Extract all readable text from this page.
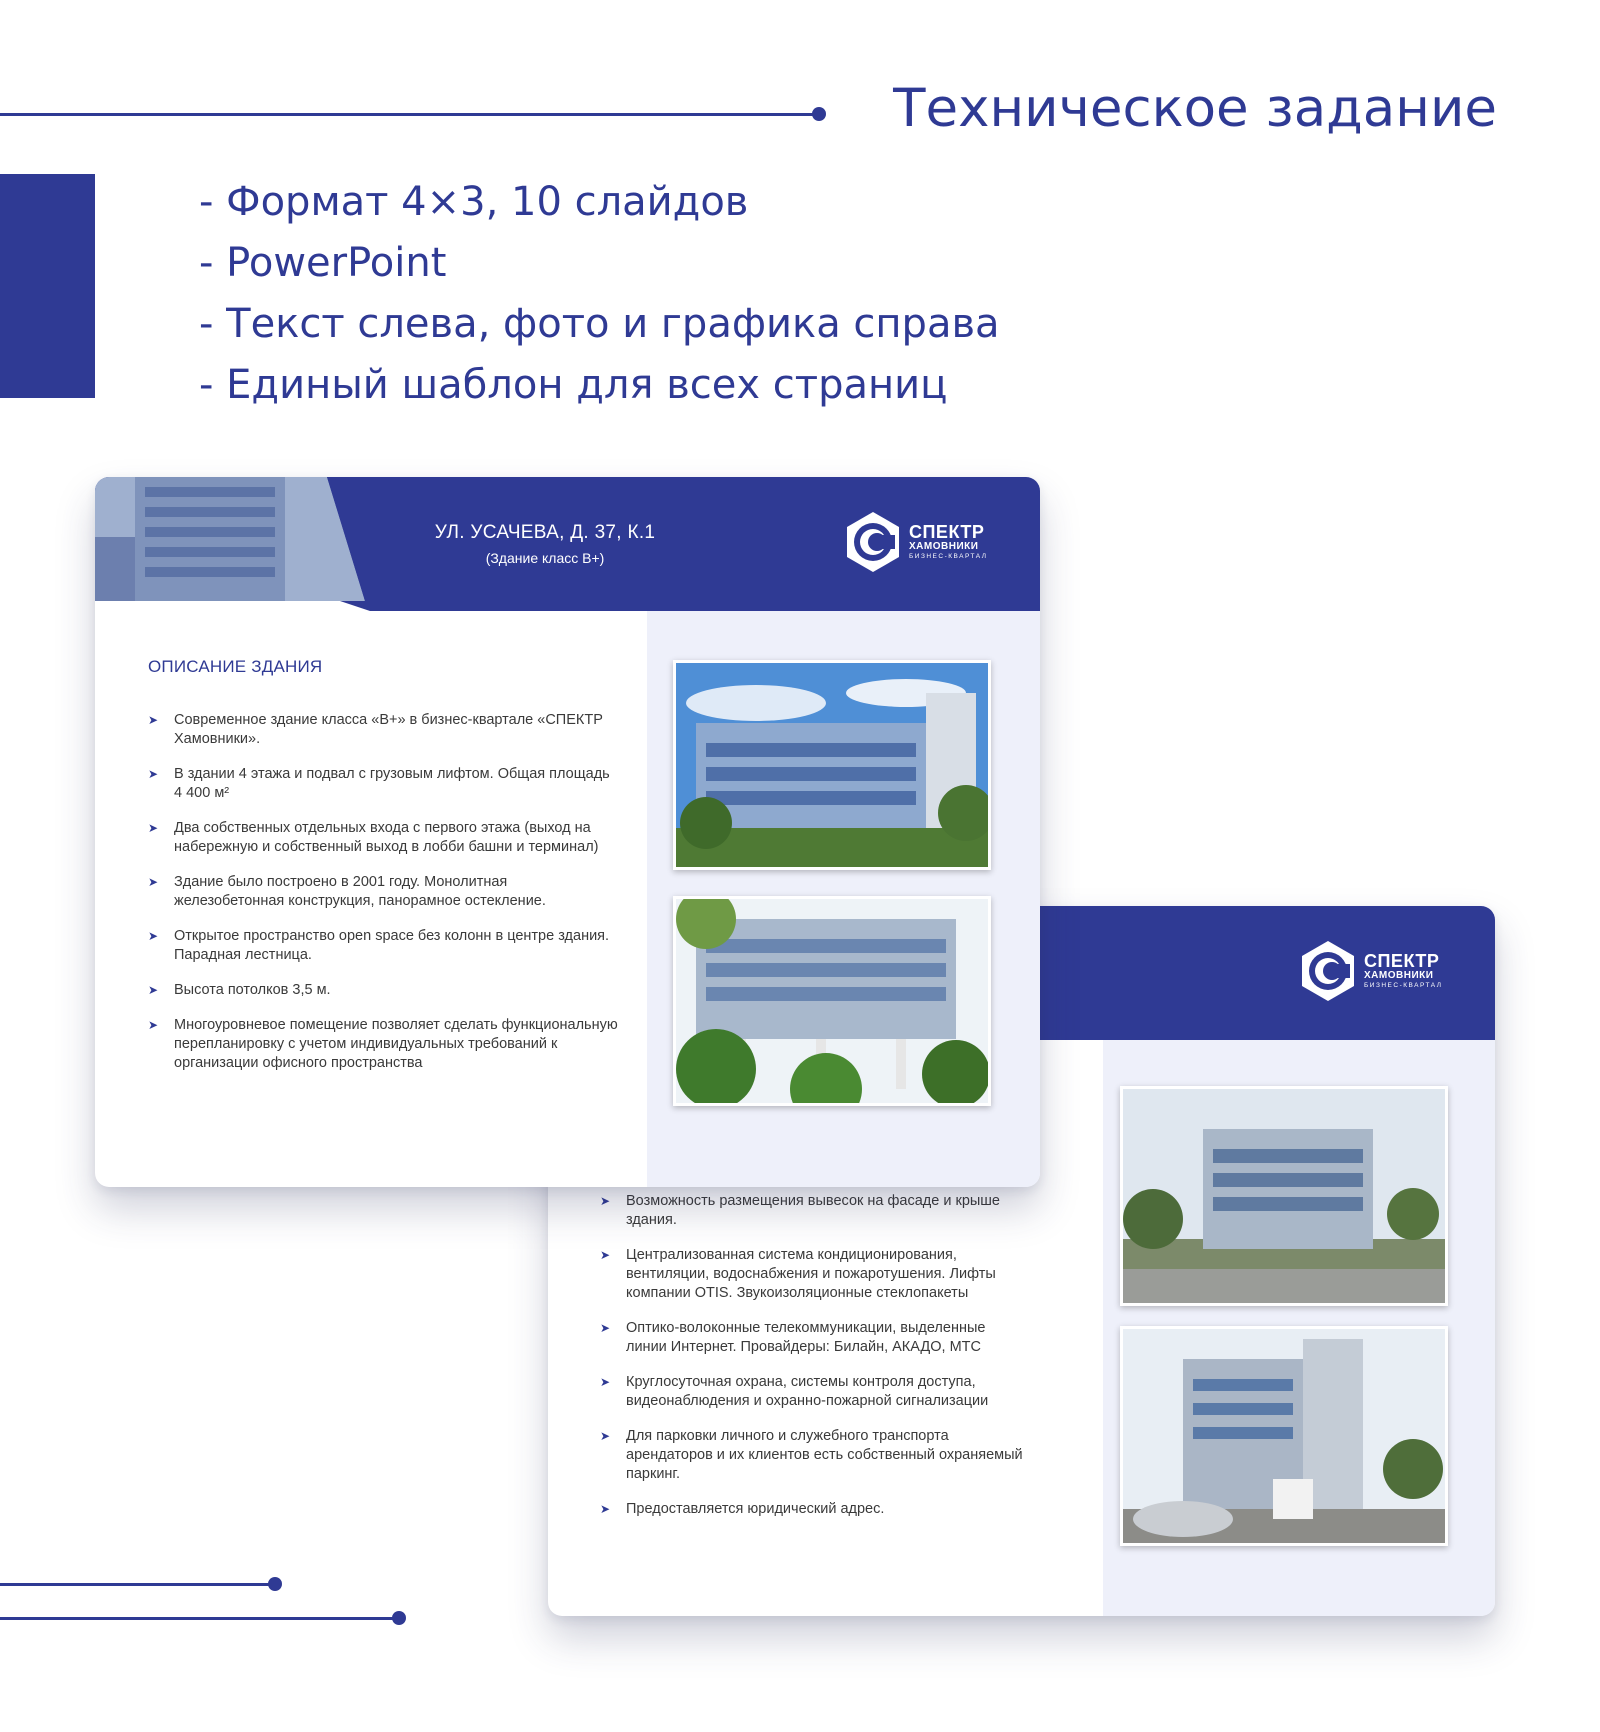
Техническое задание
- Формат 4×3, 10 слайдов
- PowerPoint
- Текст слева, фото и графика справа
- Единый шаблон для всех страниц
СПЕКТР
ХАМОВНИКИ
БИЗНЕС-КВАРТАЛ
➤ Возможность размещения вывесок на фасаде и крыше здания.
➤ Централизованная система кондиционирования, вентиляции, водоснабжения и пожаротушения. Лифты компании OTIS. Звукоизоляционные стеклопакеты
➤ Оптико-волоконные телекоммуникации, выделенные линии Интернет. Провайдеры: Билайн, АКАДО, МТС
➤ Круглосуточная охрана, системы контроля доступа, видеонаблюдения и охранно-пожарной сигнализации
➤ Для парковки личного и служебного транспорта арендаторов и их клиентов есть собственный охраняемый паркинг.
➤ Предоставляется юридический адрес.
УЛ. УСАЧЕВА, Д. 37, К.1
(Здание класс В+)
СПЕКТР
ХАМОВНИКИ
БИЗНЕС-КВАРТАЛ
ОПИСАНИЕ ЗДАНИЯ
➤ Современное здание класса «В+» в бизнес-квартале «СПЕКТР Хамовники».
➤ В здании 4 этажа и подвал с грузовым лифтом. Общая площадь 4 400 м²
➤ Два собственных отдельных входа с первого этажа (выход на набережную и собственный выход в лобби башни и терминал)
➤ Здание было построено в 2001 году. Монолитная железобетонная конструкция, панорамное остекление.
➤ Открытое пространство open space без колонн в центре здания. Парадная лестница.
➤ Высота потолков 3,5 м.
➤ Многоуровневое помещение позволяет сделать функциональную перепланировку с учетом индивидуальных требований к организации офисного пространства
